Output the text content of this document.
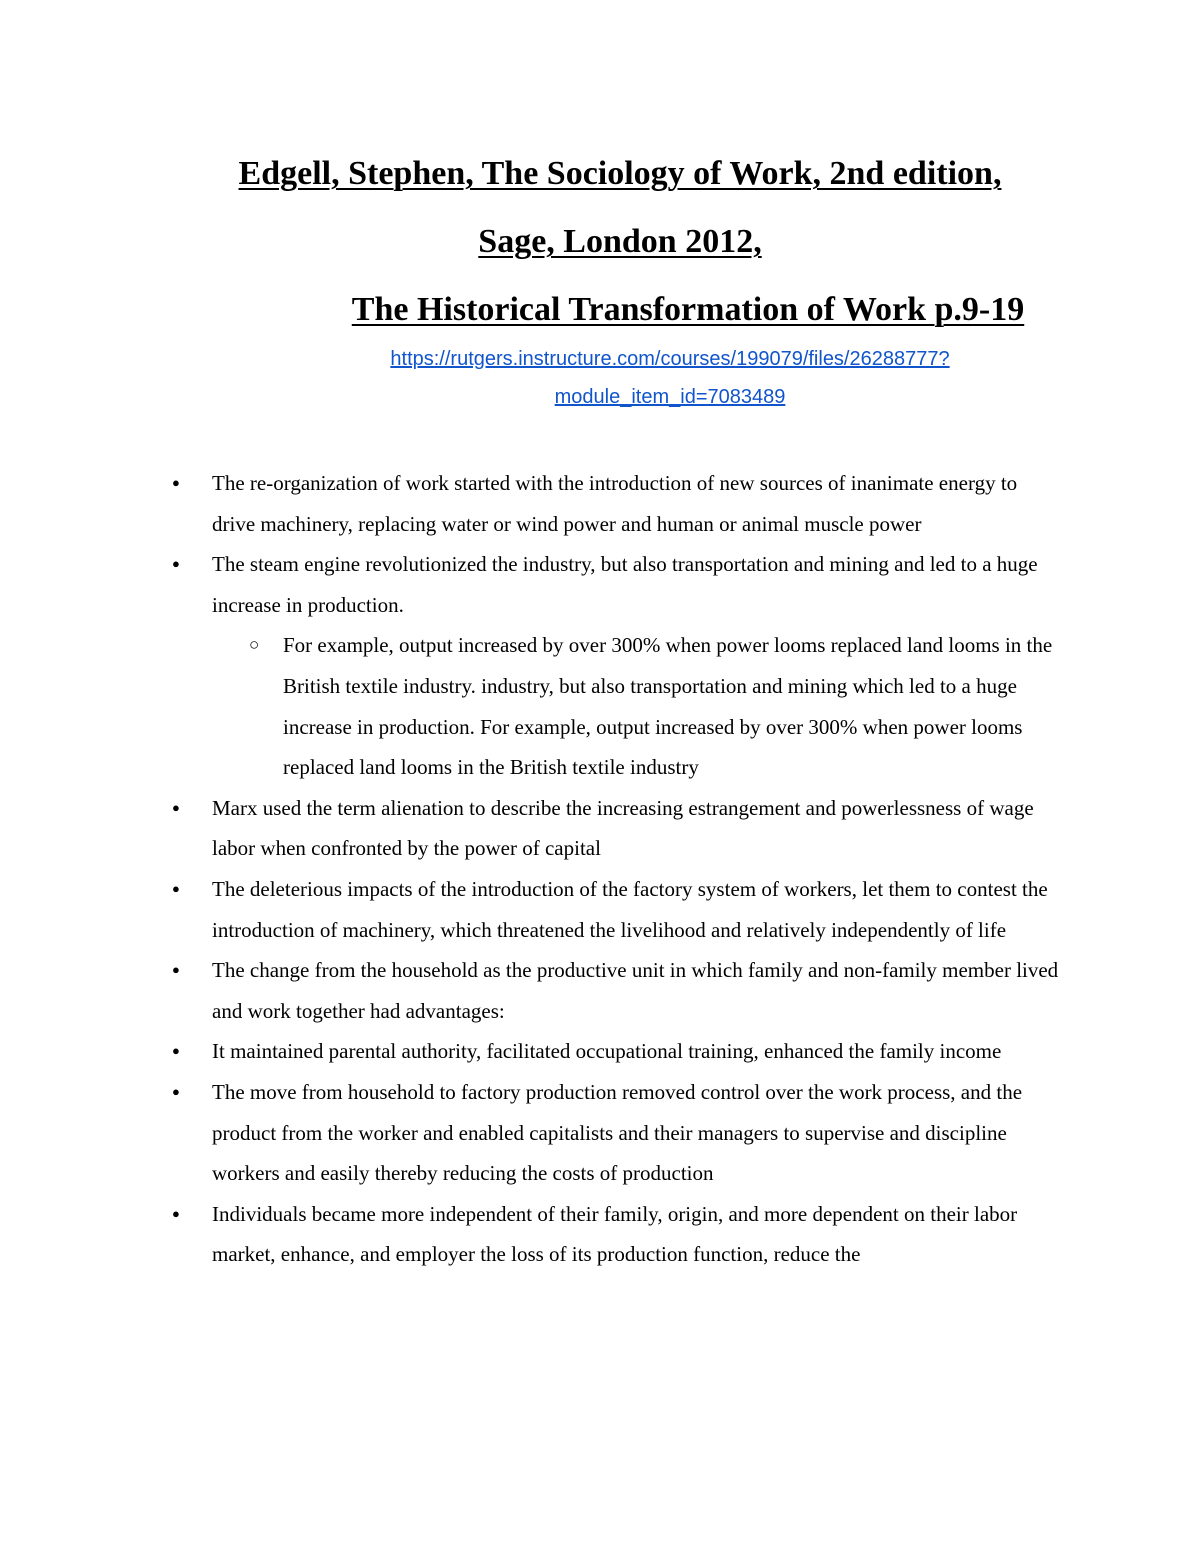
Edgell, Stephen, The Sociology of Work, 2nd edition,
Sage, London 2012,
The Historical Transformation of Work p.9-19
https://rutgers.instructure.com/courses/199079/files/26288777?
module_item_id=7083489
● The re-organization of work started with the introduction of new sources of inanimate energy to drive machinery, replacing water or wind power and human or animal muscle power
● The steam engine revolutionized the industry, but also transportation and mining and led to a huge increase in production.
○ For example, output increased by over 300% when power looms replaced land looms in the British textile industry. industry, but also transportation and mining which led to a huge increase in production. For example, output increased by over 300% when power looms replaced land looms in the British textile industry
● Marx used the term alienation to describe the increasing estrangement and powerlessness of wage labor when confronted by the power of capital
● The deleterious impacts of the introduction of the factory system of workers, let them to contest the introduction of machinery, which threatened the livelihood and relatively independently of life
● The change from the household as the productive unit in which family and non-family member lived and work together had advantages:
● It maintained parental authority, facilitated occupational training, enhanced the family income
● The move from household to factory production removed control over the work process, and the product from the worker and enabled capitalists and their managers to supervise and discipline workers and easily thereby reducing the costs of production
● Individuals became more independent of their family, origin, and more dependent on their labor market, enhance, and employer the loss of its production function, reduce the
